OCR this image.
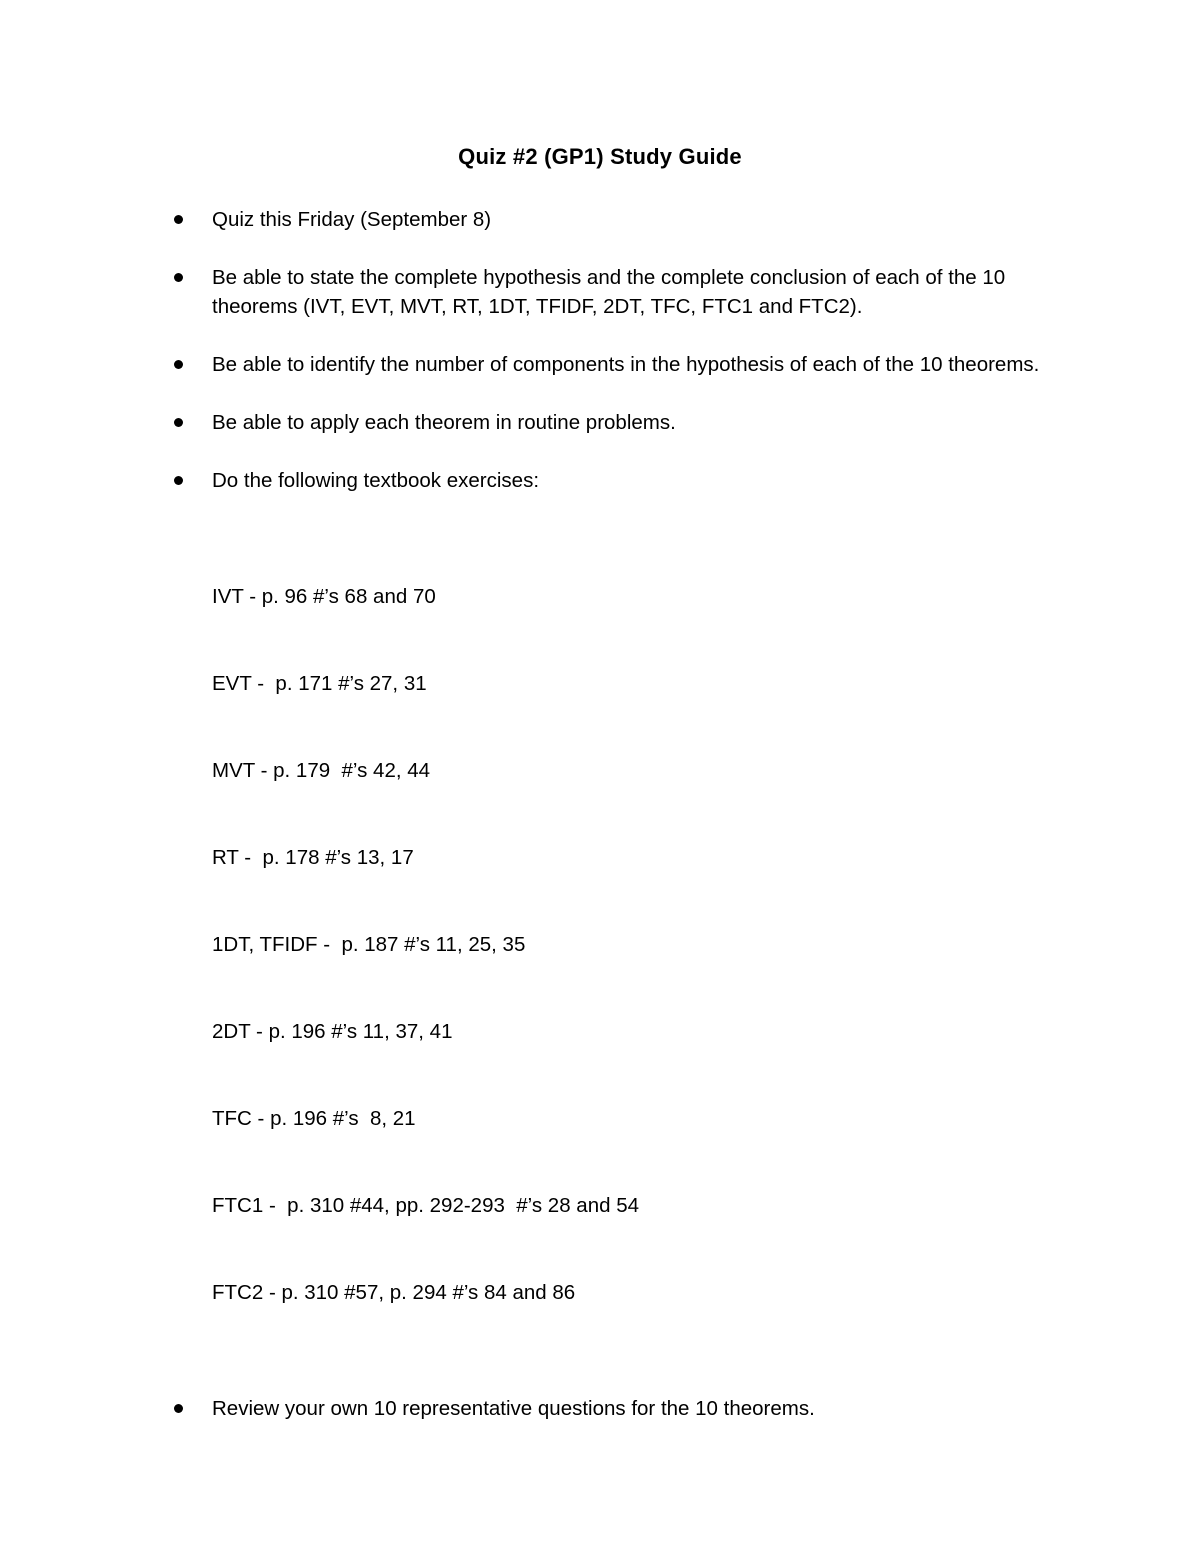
Quiz #2 (GP1) Study Guide
Quiz this Friday (September 8)
Be able to state the complete hypothesis and the complete conclusion of each of the 10 theorems (IVT, EVT, MVT, RT, 1DT, TFIDF, 2DT, TFC, FTC1 and FTC2).
Be able to identify the number of components in the hypothesis of each of the 10 theorems.
Be able to apply each theorem in routine problems.
Do the following textbook exercises:

IVT - p. 96 #’s 68 and 70

EVT -  p. 171 #’s 27, 31

MVT - p. 179  #’s 42, 44

RT -  p. 178 #’s 13, 17

1DT, TFIDF -  p. 187 #’s 11, 25, 35

2DT - p. 196 #’s 11, 37, 41

TFC - p. 196 #’s  8, 21

FTC1 -  p. 310 #44, pp. 292-293  #’s 28 and 54

FTC2 - p. 310 #57, p. 294 #’s 84 and 86

Review your own 10 representative questions for the 10 theorems.
